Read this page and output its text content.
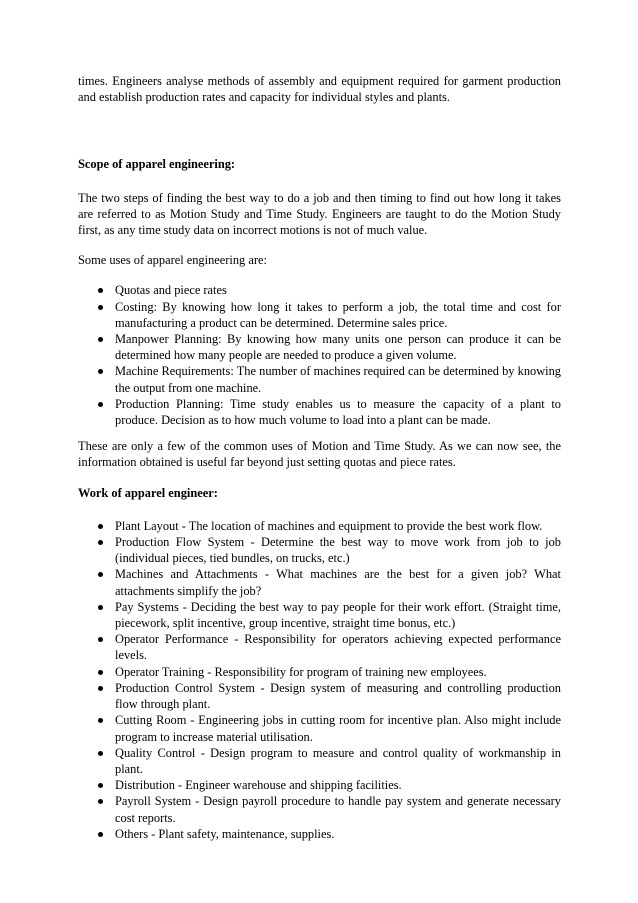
times. Engineers analyse methods of assembly and equipment required for garment production and establish production rates and capacity for individual styles and plants.

Scope of apparel engineering:

The two steps of finding the best way to do a job and then timing to find out how long it takes are referred to as Motion Study and Time Study. Engineers are taught to do the Motion Study first, as any time study data on incorrect motions is not of much value.

Some uses of apparel engineering are:

Quotas and piece rates
Costing: By knowing how long it takes to perform a job, the total time and cost for manufacturing a product can be determined. Determine sales price.
Manpower Planning: By knowing how many units one person can produce it can be determined how many people are needed to produce a given volume.
Machine Requirements: The number of machines required can be determined by knowing the output from one machine.
Production Planning: Time study enables us to measure the capacity of a plant to produce. Decision as to how much volume to load into a plant can be made.

These are only a few of the common uses of Motion and Time Study. As we can now see, the information obtained is useful far beyond just setting quotas and piece rates.

Work of apparel engineer:
Plant Layout - The location of machines and equipment to provide the best work flow.
Production Flow System - Determine the best way to move work from job to job (individual pieces, tied bundles, on trucks, etc.)
Machines and Attachments - What machines are the best for a given job? What attachments simplify the job?
Pay Systems - Deciding the best way to pay people for their work effort. (Straight time, piecework, split incentive, group incentive, straight time bonus, etc.)
Operator Performance - Responsibility for operators achieving expected performance levels.
Operator Training - Responsibility for program of training new employees.
Production Control System - Design system of measuring and controlling production flow through plant.
Cutting Room - Engineering jobs in cutting room for incentive plan. Also might include program to increase material utilisation.
Quality Control - Design program to measure and control quality of workmanship in plant.
Distribution - Engineer warehouse and shipping facilities.
Payroll System - Design payroll procedure to handle pay system and generate necessary cost reports.
Others - Plant safety, maintenance, supplies.
